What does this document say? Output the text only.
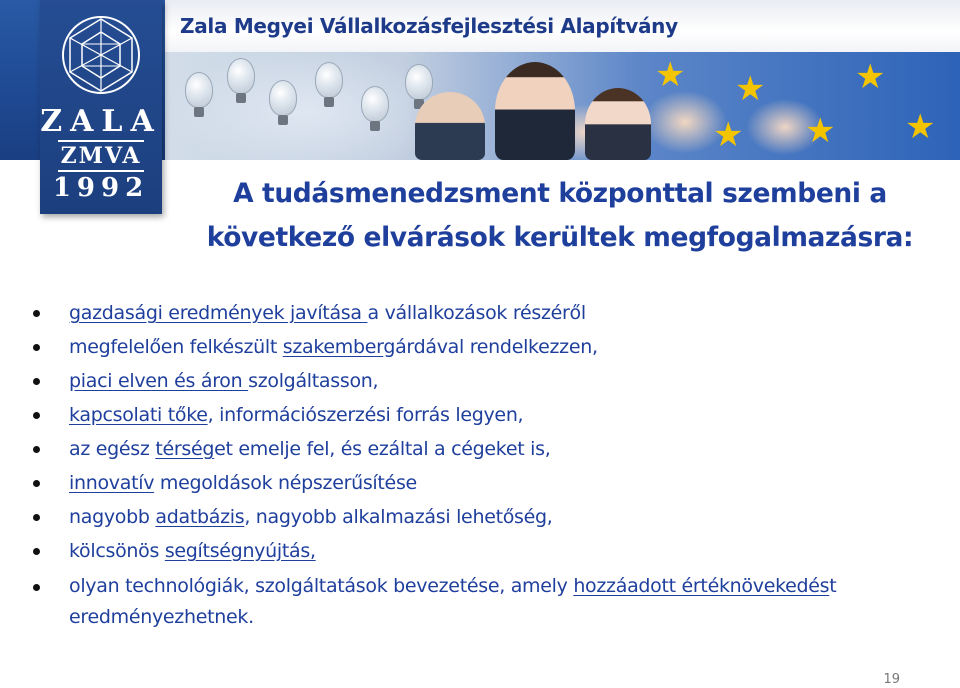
Zala Megyei Vállalkozásfejlesztési Alapítvány
★ ★	★
★ ★
★
ZALA
ZMVA
1992	A tudásmenedzsment központtal szembeni a
következő elvárások kerültek megfogalmazásra:
gazdasági eredmények javítása a vállalkozások részéről
megfelelően felkészült szakembergárdával rendelkezzen,
piaci elven és áron szolgáltasson,
kapcsolati tőke, információszerzési forrás legyen,
az egész térséget emelje fel, és ezáltal a cégeket is,
innovatív megoldások népszerűsítése
nagyobb adatbázis, nagyobb alkalmazási lehetőség,
kölcsönös segítségnyújtás,
olyan technológiák, szolgáltatások bevezetése, amely hozzáadott értéknövekedést eredményezhetnek.
19
